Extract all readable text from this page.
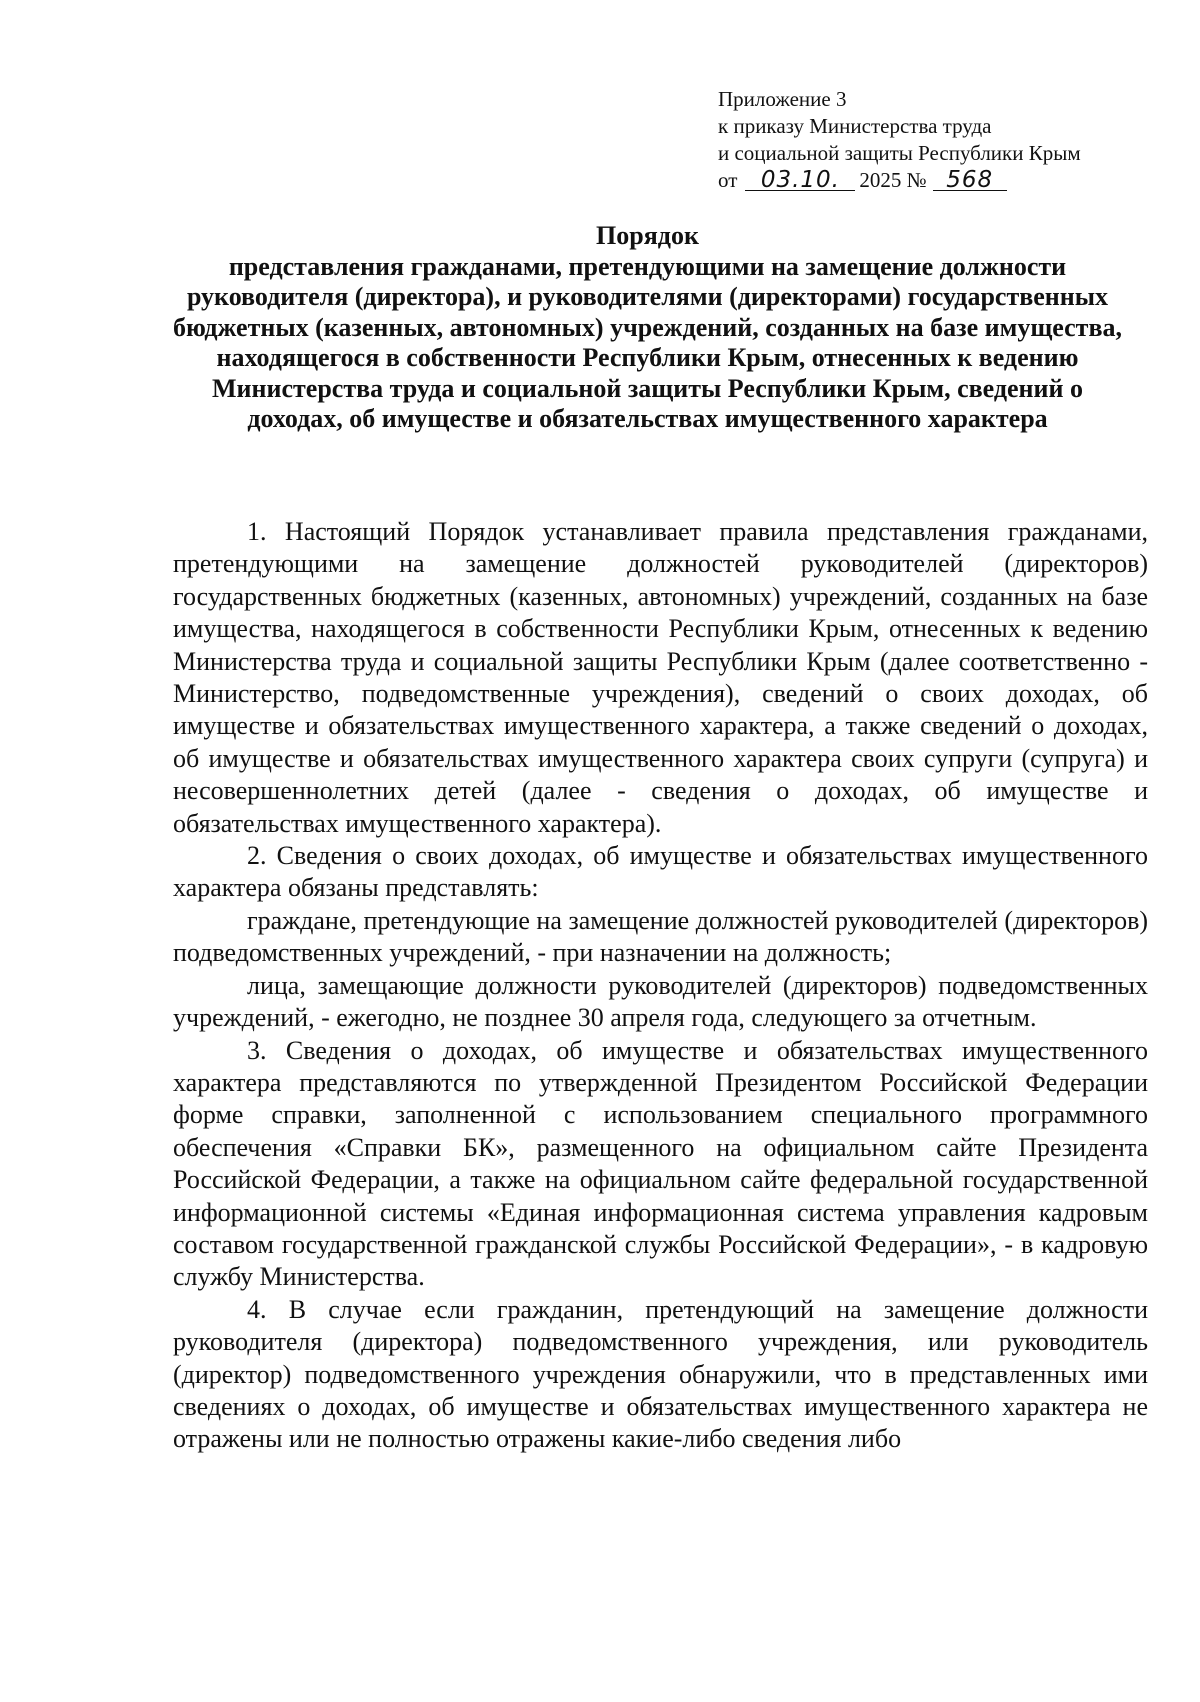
Приложение 3
к приказу Министерства труда
и социальной защиты Республики Крым
от 03.10. 2025 № 568
Порядок
представления гражданами, претендующими на замещение должности руководителя (директора), и руководителями (директорами) государственных бюджетных (казенных, автономных) учреждений, созданных на базе имущества, находящегося в собственности Республики Крым, отнесенных к ведению Министерства труда и социальной защиты Республики Крым, сведений о доходах, об имуществе и обязательствах имущественного характера

1. Настоящий Порядок устанавливает правила представления гражданами, претендующими на замещение должностей руководителей (директоров) государственных бюджетных (казенных, автономных) учреждений, созданных на базе имущества, находящегося в собственности Республики Крым, отнесенных к ведению Министерства труда и социальной защиты Республики Крым (далее соответственно - Министерство, подведомственные учреждения), сведений о своих доходах, об имуществе и обязательствах имущественного характера, а также сведений о доходах, об имуществе и обязательствах имущественного характера своих супруги (супруга) и несовершеннолетних детей (далее - сведения о доходах, об имуществе и обязательствах имущественного характера).

2. Сведения о своих доходах, об имуществе и обязательствах имущественного характера обязаны представлять:

граждане, претендующие на замещение должностей руководителей (директоров) подведомственных учреждений, - при назначении на должность;

лица, замещающие должности руководителей (директоров) подведомственных учреждений, - ежегодно, не позднее 30 апреля года, следующего за отчетным.

3. Сведения о доходах, об имуществе и обязательствах имущественного характера представляются по утвержденной Президентом Российской Федерации форме справки, заполненной с использованием специального программного обеспечения «Справки БК», размещенного на официальном сайте Президента Российской Федерации, а также на официальном сайте федеральной государственной информационной системы «Единая информационная система управления кадровым составом государственной гражданской службы Российской Федерации», - в кадровую службу Министерства.

4. В случае если гражданин, претендующий на замещение должности руководителя (директора) подведомственного учреждения, или руководитель (директор) подведомственного учреждения обнаружили, что в представленных ими сведениях о доходах, об имуществе и обязательствах имущественного характера не отражены или не полностью отражены какие-либо сведения либо
